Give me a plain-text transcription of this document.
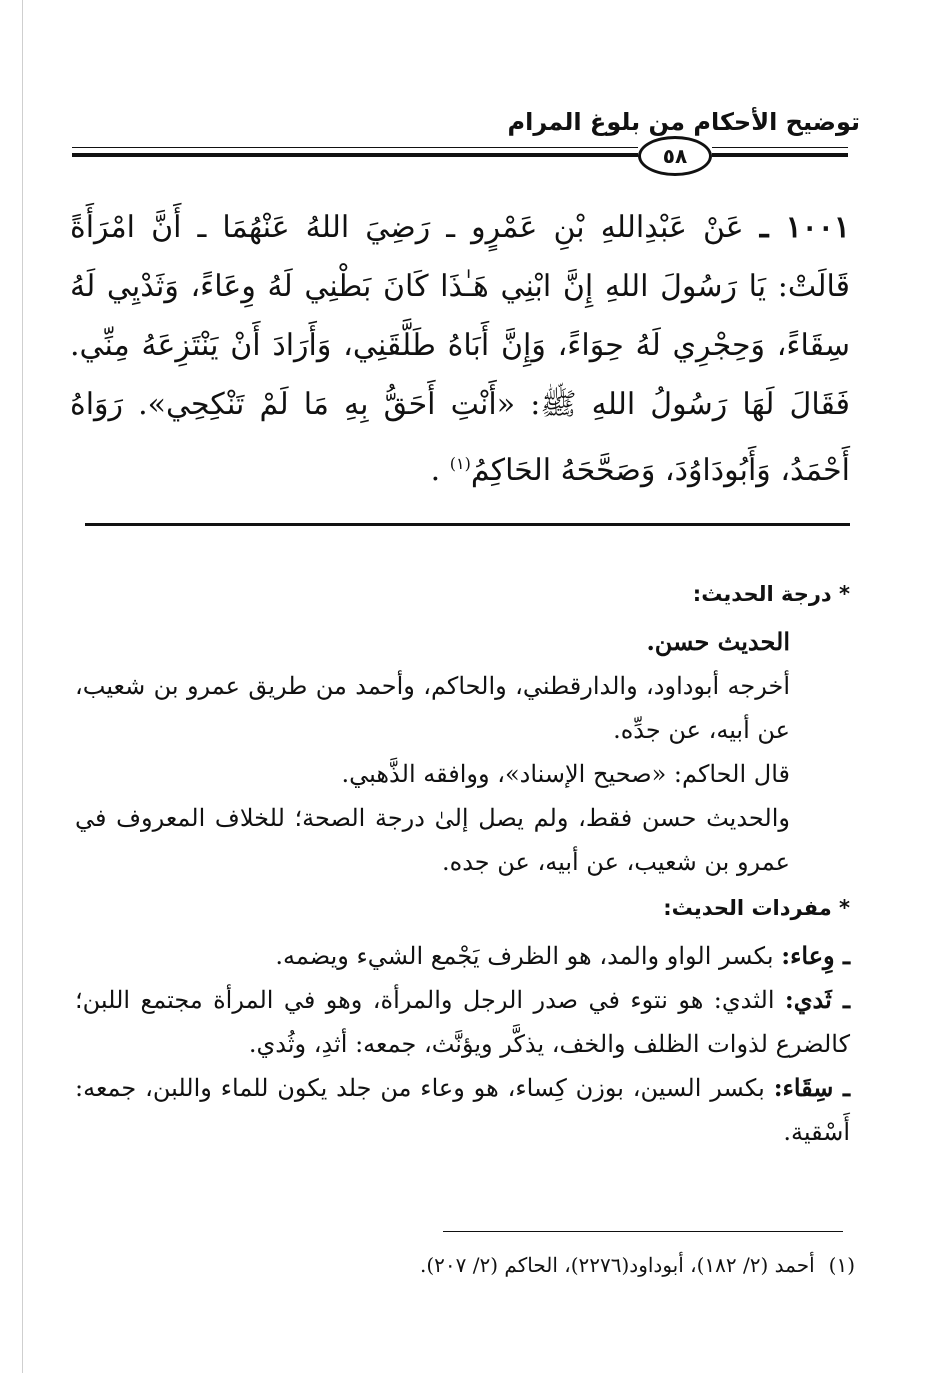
توضيح الأحكام من بلوغ المرام
٥٨
١٠٠١ ـ عَنْ عَبْدِاللهِ بْنِ عَمْرٍو ـ رَضِيَ اللهُ عَنْهُمَا ـ أَنَّ امْرَأَةً قَالَتْ: يَا رَسُولَ اللهِ إِنَّ ابْنِي هَـٰذَا كَانَ بَطْنِي لَهُ وِعَاءً، وَثَدْيِي لَهُ سِقَاءً، وَحِجْرِي لَهُ حِوَاءً، وَإِنَّ أَبَاهُ طَلَّقَنِي، وَأَرَادَ أَنْ يَنْتَزِعَهُ مِنِّي. فَقَالَ لَهَا رَسُولُ اللهِ ﷺ: «أَنْتِ أَحَقُّ بِهِ مَا لَمْ تَنْكِحِي». رَوَاهُ أَحْمَدُ، وَأَبُودَاوُدَ، وَصَحَّحَهُ الحَاكِمُ$^{(١)}$ .

* درجة الحديث:

الحديث حسن.

أخرجه أبوداود، والدارقطني، والحاكم، وأحمد من طريق عمرو بن شعيب، عن أبيه، عن جدِّه.

قال الحاكم: «صحيح الإسناد»، ووافقه الذَّهبي.

والحديث حسن فقط، ولم يصل إلىٰ درجة الصحة؛ للخلاف المعروف في عمرو بن شعيب، عن أبيه، عن جده.

* مفردات الحديث:

ـ وِعاء: بكسر الواو والمد، هو الظرف يَجْمع الشيء ويضمه.

ـ ثَدي: الثدي: هو نتوء في صدر الرجل والمرأة، وهو في المرأة مجتمع اللبن؛ كالضرع لذوات الظلف والخف، يذكَّر ويؤنَّث، جمعه: أثدِ، وثُدي.

ـ سِقَاء: بكسر السين، بوزن كِساء، هو وعاء من جلد يكون للماء واللبن، جمعه: أَسْقية.

(١)أحمد (٢/ ١٨٢)، أبوداود(٢٢٧٦)، الحاكم (٢/ ٢٠٧).
